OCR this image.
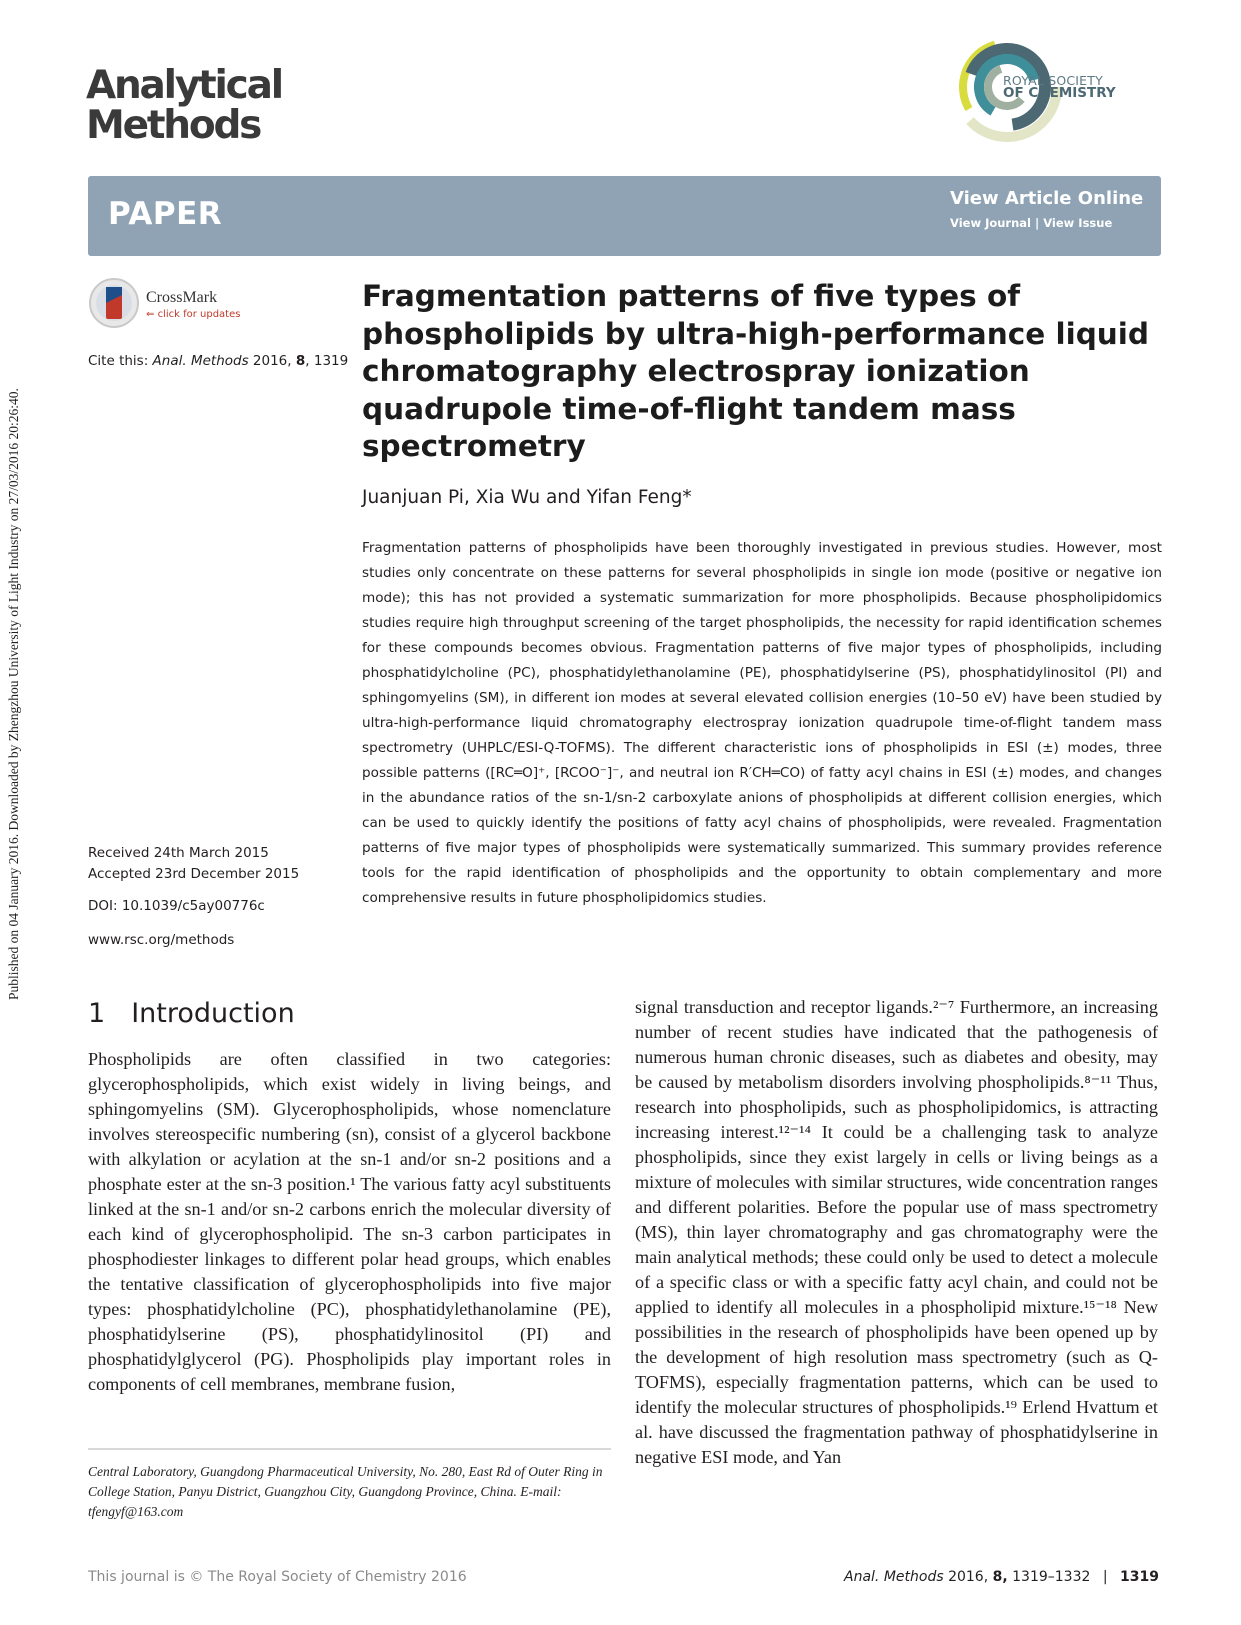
Published on 04 January 2016. Downloaded by Zhengzhou University of Light Industry on 27/03/2016 20:26:40.
Analytical
Methods
ROYAL SOCIETY
OF CHEMISTRY
PAPER	View Article Online
View Journal | View Issue
CrossMark
⇐ click for updates
Cite this: Anal. Methods 2016, 8, 1319
Received 24th March 2015
Accepted 23rd December 2015
DOI: 10.1039/c5ay00776c
www.rsc.org/methods
Fragmentation patterns of five types of
phospholipids by ultra-high-performance liquid
chromatography electrospray ionization
quadrupole time-of-flight tandem mass
spectrometry
Juanjuan Pi, Xia Wu and Yifan Feng*
Fragmentation patterns of phospholipids have been thoroughly investigated in previous studies. However, most studies only concentrate on these patterns for several phospholipids in single ion mode (positive or negative ion mode); this has not provided a systematic summarization for more phospholipids. Because phospholipidomics studies require high throughput screening of the target phospholipids, the necessity for rapid identification schemes for these compounds becomes obvious. Fragmentation patterns of five major types of phospholipids, including phosphatidylcholine (PC), phosphatidylethanolamine (PE), phosphatidylserine (PS), phosphatidylinositol (PI) and sphingomyelins (SM), in different ion modes at several elevated collision energies (10–50 eV) have been studied by ultra-high-performance liquid chromatography electrospray ionization quadrupole time-of-flight tandem mass spectrometry (UHPLC/ESI-Q-TOFMS). The different characteristic ions of phospholipids in ESI (±) modes, three possible patterns ([RC═O]⁺, [RCOO⁻]⁻, and neutral ion R′CH═CO) of fatty acyl chains in ESI (±) modes, and changes in the abundance ratios of the sn-1/sn-2 carboxylate anions of phospholipids at different collision energies, which can be used to quickly identify the positions of fatty acyl chains of phospholipids, were revealed. Fragmentation patterns of five major types of phospholipids were systematically summarized. This summary provides reference tools for the rapid identification of phospholipids and the opportunity to obtain complementary and more comprehensive results in future phospholipidomics studies.
1 Introduction
Phospholipids are often classified in two categories: glycerophospholipids, which exist widely in living beings, and sphingomyelins (SM). Glycerophospholipids, whose nomenclature involves stereospecific numbering (sn), consist of a glycerol backbone with alkylation or acylation at the sn-1 and/or sn-2 positions and a phosphate ester at the sn-3 position.¹ The various fatty acyl substituents linked at the sn-1 and/or sn-2 carbons enrich the molecular diversity of each kind of glycerophospholipid. The sn-3 carbon participates in phosphodiester linkages to different polar head groups, which enables the tentative classification of glycerophospholipids into five major types: phosphatidylcholine (PC), phosphatidylethanolamine (PE), phosphatidylserine (PS), phosphatidylinositol (PI) and phosphatidylglycerol (PG). Phospholipids play important roles in components of cell membranes, membrane fusion,
signal transduction and receptor ligands.²⁻⁷ Furthermore, an increasing number of recent studies have indicated that the pathogenesis of numerous human chronic diseases, such as diabetes and obesity, may be caused by metabolism disorders involving phospholipids.⁸⁻¹¹ Thus, research into phospholipids, such as phospholipidomics, is attracting increasing interest.¹²⁻¹⁴ It could be a challenging task to analyze phospholipids, since they exist largely in cells or living beings as a mixture of molecules with similar structures, wide concentration ranges and different polarities. Before the popular use of mass spectrometry (MS), thin layer chromatography and gas chromatography were the main analytical methods; these could only be used to detect a molecule of a specific class or with a specific fatty acyl chain, and could not be applied to identify all molecules in a phospholipid mixture.¹⁵⁻¹⁸ New possibilities in the research of phospholipids have been opened up by the development of high resolution mass spectrometry (such as Q-TOFMS), especially fragmentation patterns, which can be used to identify the molecular structures of phospholipids.¹⁹ Erlend Hvattum et al. have discussed the fragmentation pathway of phosphatidylserine in negative ESI mode, and Yan
Central Laboratory, Guangdong Pharmaceutical University, No. 280, East Rd of Outer Ring in College Station, Panyu District, Guangzhou City, Guangdong Province, China. E-mail: tfengyf@163.com
This journal is © The Royal Society of Chemistry 2016	Anal. Methods 2016, 8, 1319–1332 | 1319
